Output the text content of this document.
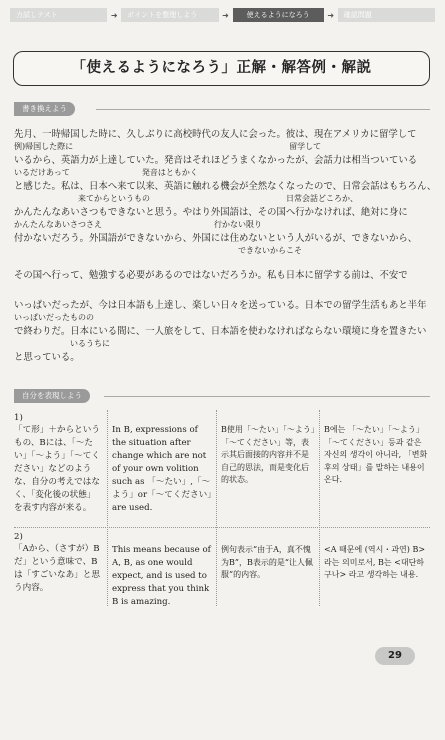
力試しテスト	➜	ポイントを整理しよう	➜	使えるようになろう	➜	確認問題
「使えるようになろう」正解・解答例・解説
書き換えよう
先月、一時帰国した時に、久しぶりに高校時代の友人に会った。彼は、現在アメリカに留学して
例)帰国した際に　　　　　　　　　　　　　　　　　　　　　　　　　　　留学して
いるから、英語力が上達していた。発音はそれほどうまくなかったが、会話力は相当ついている
いるだけあって　　　　　　　　　発音はともかく
と感じた。私は、日本へ来て以来、英語に触れる機会が全然なくなったので、日常会話はもちろん、
　　　　　　　　来てからというもの　　　　　　　　　　　　　　　　　日常会話どころか、
かんたんなあいさつもできないと思う。やはり外国語は、その国へ行かなければ、絶対に身に
かんたんなあいさつさえ　　　　　　　　　　　　　　行かない限り
付かないだろう。外国語ができないから、外国には住めないという人がいるが、できないから、
　　　　　　　　　　　　　　　　　　　　　　　　　　　　できないからこそ
その国へ行って、勉強する必要があるのではないだろうか。私も日本に留学する前は、不安で
いっぱいだったが、今は日本語も上達し、楽しい日々を送っている。日本での留学生活もあと半年
いっぱいだったものの
で終わりだ。日本にいる間に、一人旅をして、日本語を使わなければならない環境に身を置きたい
　　　　　　　いるうちに
と思っている。
自分を表現しよう
1)
「て形」＋からというもの、Bには、「～たい」「～よう」「～てください」などのような、自分の考えではなく、「変化後の状態」を表す内容が来る。
In B, expressions of the situation after change which are not of your own volition such as 「～たい」,「～よう」or「～てください」are used.
B使用「～たい」「～よう」「～てください」等，表示其后面接的内容并不是自己的思法，而是变化后的状态。
B에는 「～たい」「～よう」「～てください」등과 같은 자신의 생각이 아니라, 「변화 후의 상태」를 말하는 내용이 온다.
2)
「Aから、（さすが）Bだ」という意味で、Bは「すごいなあ」と思う内容。
This means because of A, B, as one would expect, and is used to express that you think B is amazing.
例句表示“由于A，真不愧为B”，B表示的是“让人佩服”的内容。
<A 때문에 (역시・과연) B> 라는 의미로서, B는 <대단하구나> 라고 생각하는 내용.
29
